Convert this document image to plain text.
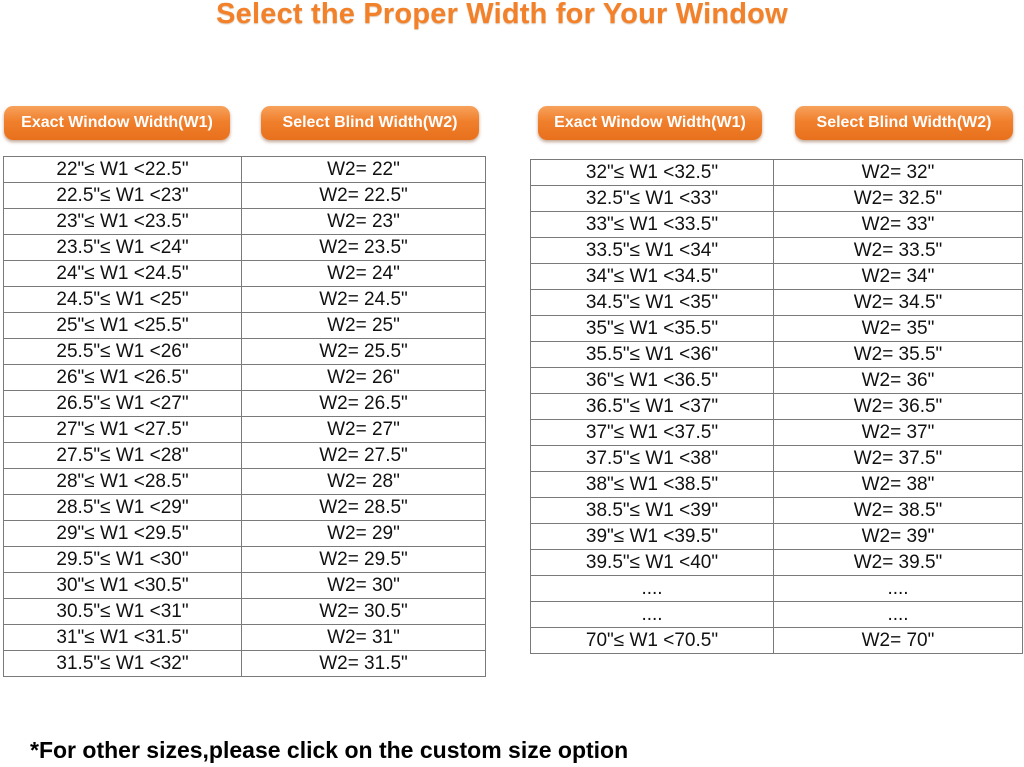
Select the Proper Width for Your Window
Exact Window Width(W1)	Select Blind Width(W2)	Exact Window Width(W1)	Select Blind Width(W2)
22"≤ W1 <22.5"	W2= 22"
22.5"≤ W1 <23"	W2= 22.5"
23"≤ W1 <23.5"	W2= 23"
23.5"≤ W1 <24"	W2= 23.5"
24"≤ W1 <24.5"	W2= 24"
24.5"≤ W1 <25"	W2= 24.5"
25"≤ W1 <25.5"	W2= 25"
25.5"≤ W1 <26"	W2= 25.5"
26"≤ W1 <26.5"	W2= 26"
26.5"≤ W1 <27"	W2= 26.5"
27"≤ W1 <27.5"	W2= 27"
27.5"≤ W1 <28"	W2= 27.5"
28"≤ W1 <28.5"	W2= 28"
28.5"≤ W1 <29"	W2= 28.5"
29"≤ W1 <29.5"	W2= 29"
29.5"≤ W1 <30"	W2= 29.5"
30"≤ W1 <30.5"	W2= 30"
30.5"≤ W1 <31"	W2= 30.5"
31"≤ W1 <31.5"	W2= 31"
31.5"≤ W1 <32"	W2= 31.5"
32"≤ W1 <32.5"	W2= 32"
32.5"≤ W1 <33"	W2= 32.5"
33"≤ W1 <33.5"	W2= 33"
33.5"≤ W1 <34"	W2= 33.5"
34"≤ W1 <34.5"	W2= 34"
34.5"≤ W1 <35"	W2= 34.5"
35"≤ W1 <35.5"	W2= 35"
35.5"≤ W1 <36"	W2= 35.5"
36"≤ W1 <36.5"	W2= 36"
36.5"≤ W1 <37"	W2= 36.5"
37"≤ W1 <37.5"	W2= 37"
37.5"≤ W1 <38"	W2= 37.5"
38"≤ W1 <38.5"	W2= 38"
38.5"≤ W1 <39"	W2= 38.5"
39"≤ W1 <39.5"	W2= 39"
39.5"≤ W1 <40"	W2= 39.5"
....	....
....	....
70"≤ W1 <70.5"	W2= 70"
*For other sizes,please click on the custom size option
